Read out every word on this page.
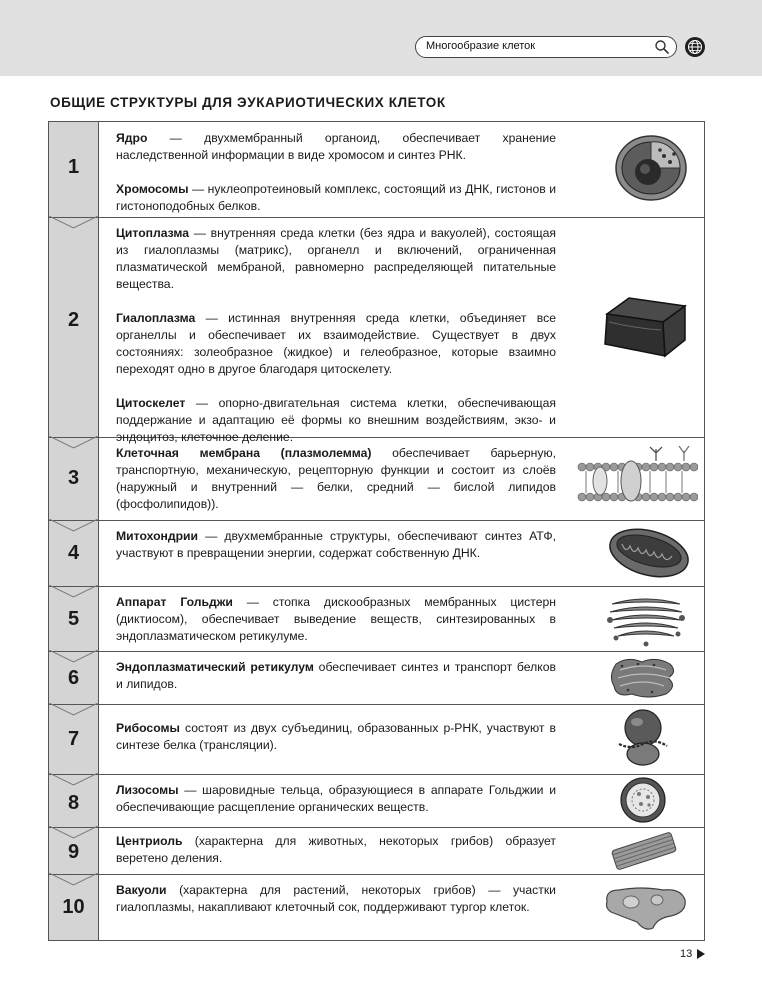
Многообразие клеток
ОБЩИЕ СТРУКТУРЫ ДЛЯ ЭУКАРИОТИЧЕСКИХ КЛЕТОК
1

Ядро — двухмембранный органоид, обеспечивает хранение наследственной информации в виде хромосом и синтез РНК.

Хромосомы — нуклеопротеиновый комплекс, состоящий из ДНК, гистонов и гистоноподобных белков.

2

Цитоплазма — внутренняя среда клетки (без ядра и вакуолей), состоящая из гиалоплазмы (матрикс), органелл и включений, ограниченная плазматической мембраной, равномерно распределяющей питательные вещества.

Гиалоплазма — истинная внутренняя среда клетки, объединяет все органеллы и обеспечивает их взаимодействие. Существует в двух состояниях: золеобразное (жидкое) и гелеобразное, которые взаимно переходят одно в другое благодаря цитоскелету.

Цитоскелет — опорно-двигательная система клетки, обеспечивающая поддержание и адаптацию её формы ко внешним воздействиям, экзо- и эндоцитоз, клеточное деление.

3

Клеточная мембрана (плазмолемма) обеспечивает барьерную, транспортную, механическую, рецепторную функции и состоит из слоёв (наружный и внутренний — белки, средний — бислой липидов (фосфолипидов)).

4

Митохондрии — двухмембранные структуры, обеспечивают синтез АТФ, участвуют в превращении энергии, содержат собственную ДНК.

5

Аппарат Гольджи — стопка дискообразных мембранных цистерн (диктиосом), обеспечивает выведение веществ, синтезированных в эндоплазматическом ретикулуме.

6	Эндоплазматический ретикулум обеспечивает синтез и транспорт белков и липидов.

7	Рибосомы состоят из двух субъединиц, образованных р-РНК, участвуют в синтезе белка (трансляции).

8

Лизосомы — шаровидные тельца, образующиеся в аппарате Гольджии и обеспечивающие расщепление органических веществ.

9	Центриоль (характерна для животных, некоторых грибов) образует веретено деления.

10

Вакуоли (характерна для растений, некоторых грибов) — участки гиалоплазмы, накапливают клеточный сок, поддерживают тургор клеток.

13
